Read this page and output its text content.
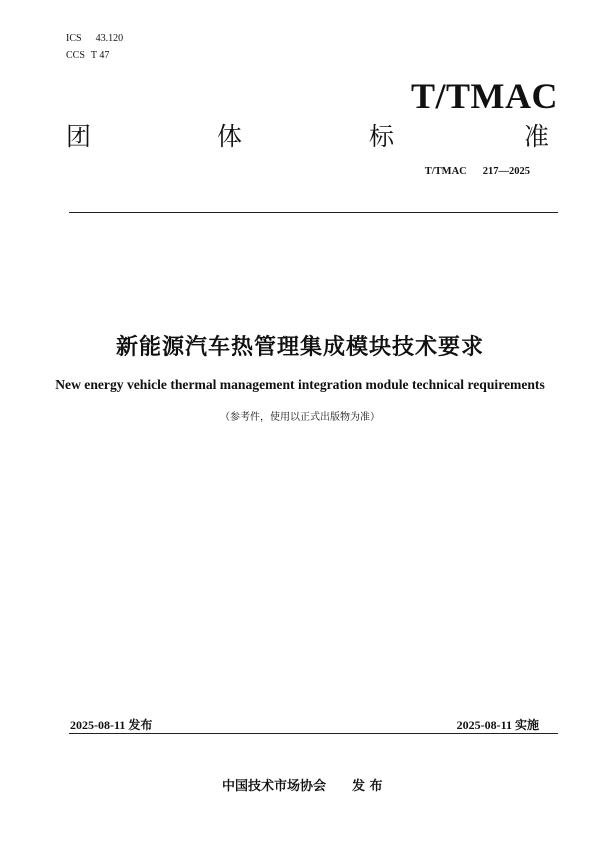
ICS 43.120
CCS T 47
T/TMAC
团	体	标	准
T/TMAC 217—2025
新能源汽车热管理集成模块技术要求
New energy vehicle thermal management integration module technical requirements
（参考件，使用以正式出版物为准）
2025-08-11 发布	2025-08-11 实施
中国技术市场协会 发 布
